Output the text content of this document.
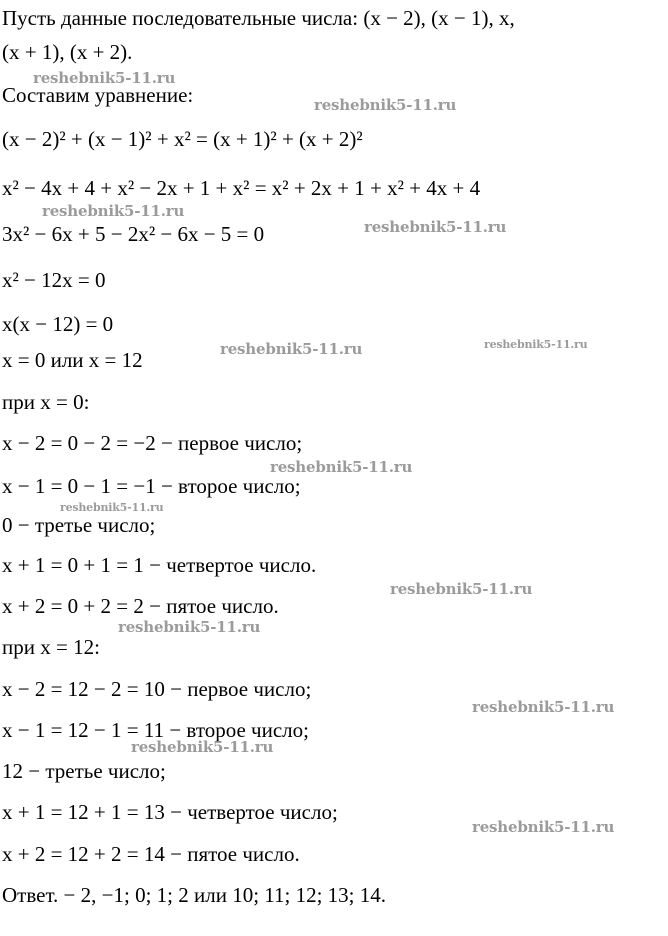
Пусть данные последовательные числа: (x − 2), (x − 1), x,
(x + 1), (x + 2).
Составим уравнение:
(x − 2)² + (x − 1)² + x² = (x + 1)² + (x + 2)²
x² − 4x + 4 + x² − 2x + 1 + x² = x² + 2x + 1 + x² + 4x + 4
3x² − 6x + 5 − 2x² − 6x − 5 = 0
x² − 12x = 0
x(x − 12) = 0
x = 0 или x = 12
при x = 0:
x − 2 = 0 − 2 = −2 − первое число;
x − 1 = 0 − 1 = −1 − второе число;
0 − третье число;
x + 1 = 0 + 1 = 1 − четвертое число.
x + 2 = 0 + 2 = 2 − пятое число.
при x = 12:
x − 2 = 12 − 2 = 10 − первое число;
x − 1 = 12 − 1 = 11 − второе число;
12 − третье число;
x + 1 = 12 + 1 = 13 − четвертое число;
x + 2 = 12 + 2 = 14 − пятое число.
Ответ. − 2, −1; 0; 1; 2 или 10; 11; 12; 13; 14.
reshebnik5-11.ru
reshebnik5-11.ru
reshebnik5-11.ru
reshebnik5-11.ru
reshebnik5-11.ru	reshebnik5-11.ru
reshebnik5-11.ru
reshebnik5-11.ru
reshebnik5-11.ru
reshebnik5-11.ru
reshebnik5-11.ru
reshebnik5-11.ru
reshebnik5-11.ru
